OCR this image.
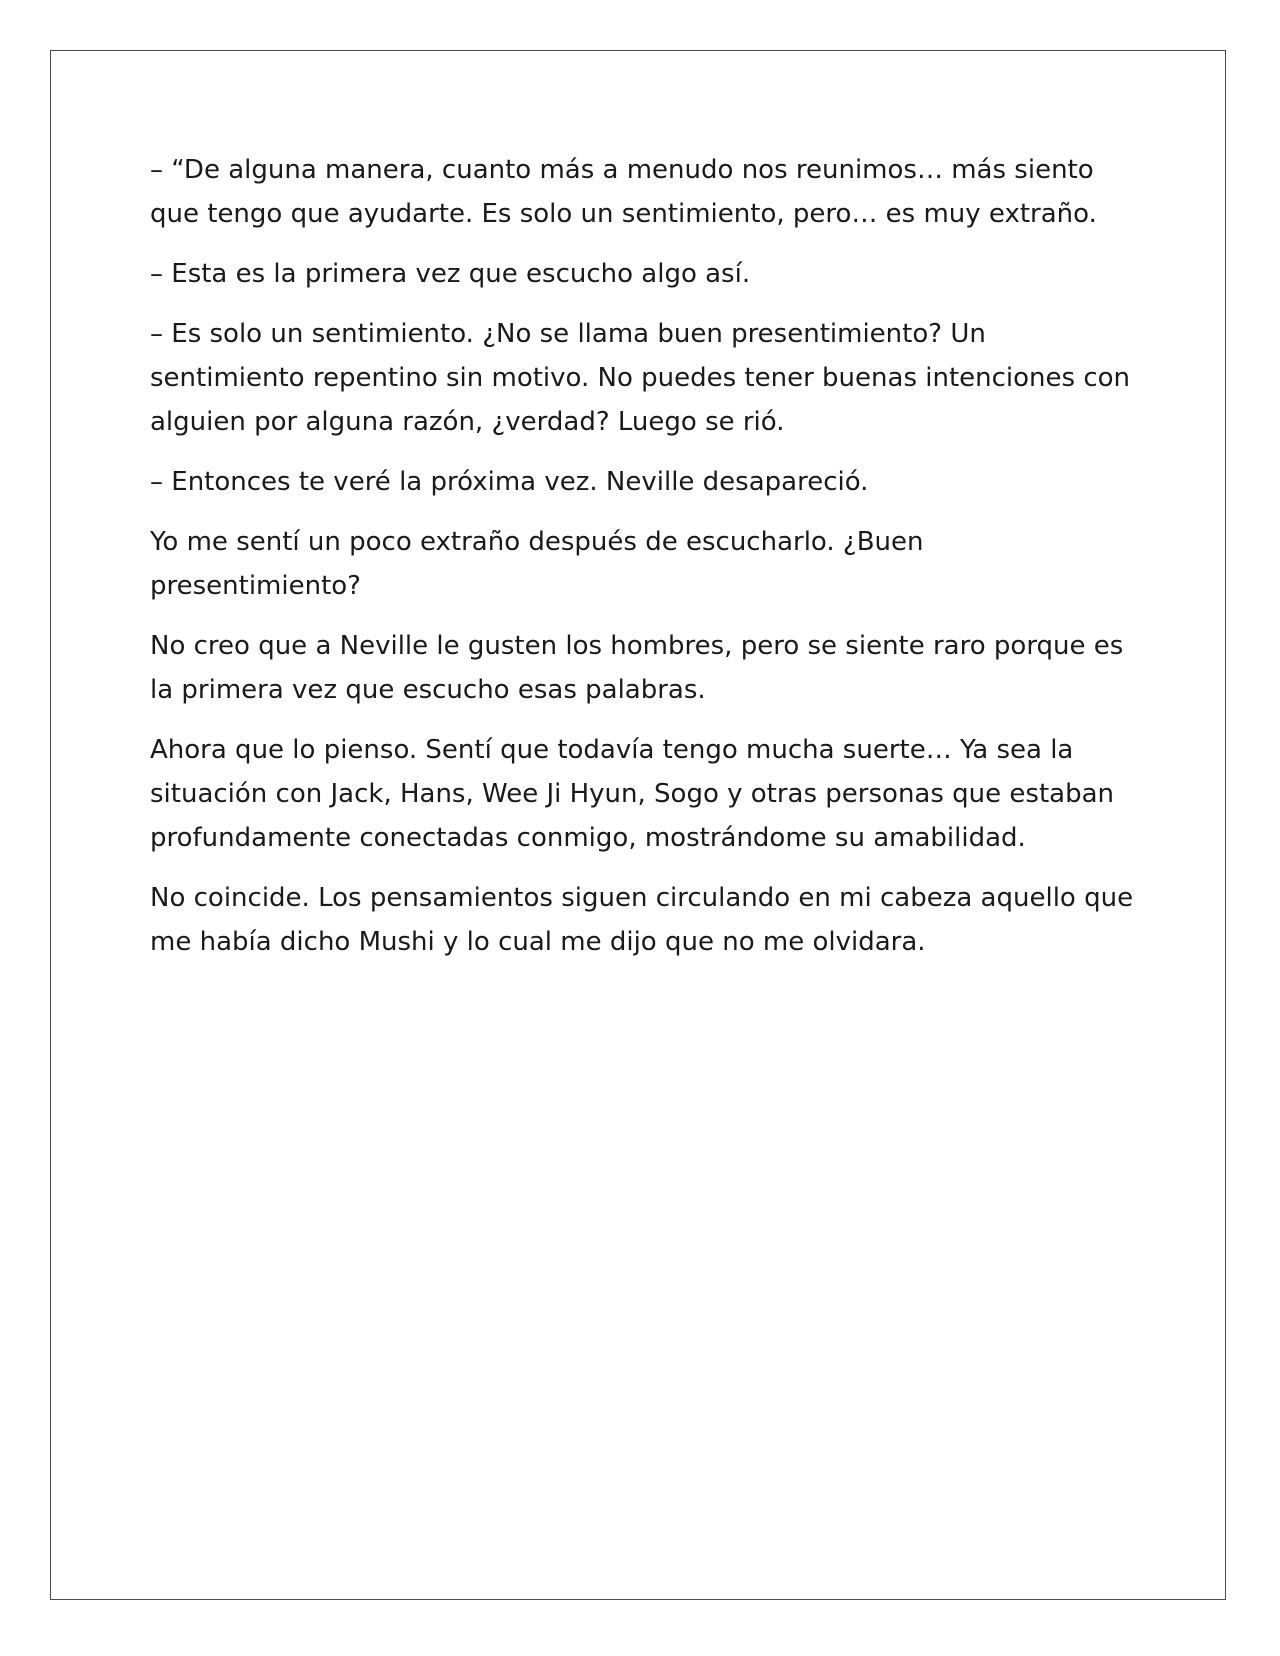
– “De alguna manera, cuanto más a menudo nos reunimos… más siento que tengo que ayudarte. Es solo un sentimiento, pero… es muy extraño.

– Esta es la primera vez que escucho algo así.

– Es solo un sentimiento. ¿No se llama buen presentimiento? Un sentimiento repentino sin motivo. No puedes tener buenas intenciones con alguien por alguna razón, ¿verdad? Luego se rió.

– Entonces te veré la próxima vez. Neville desapareció.

Yo me sentí un poco extraño después de escucharlo. ¿Buen presentimiento?

No creo que a Neville le gusten los hombres, pero se siente raro porque es la primera vez que escucho esas palabras.

Ahora que lo pienso. Sentí que todavía tengo mucha suerte… Ya sea la situación con Jack, Hans, Wee Ji Hyun, Sogo y otras personas que estaban profundamente conectadas conmigo, mostrándome su amabilidad.

No coincide. Los pensamientos siguen circulando en mi cabeza aquello que me había dicho Mushi y lo cual me dijo que no me olvidara.
